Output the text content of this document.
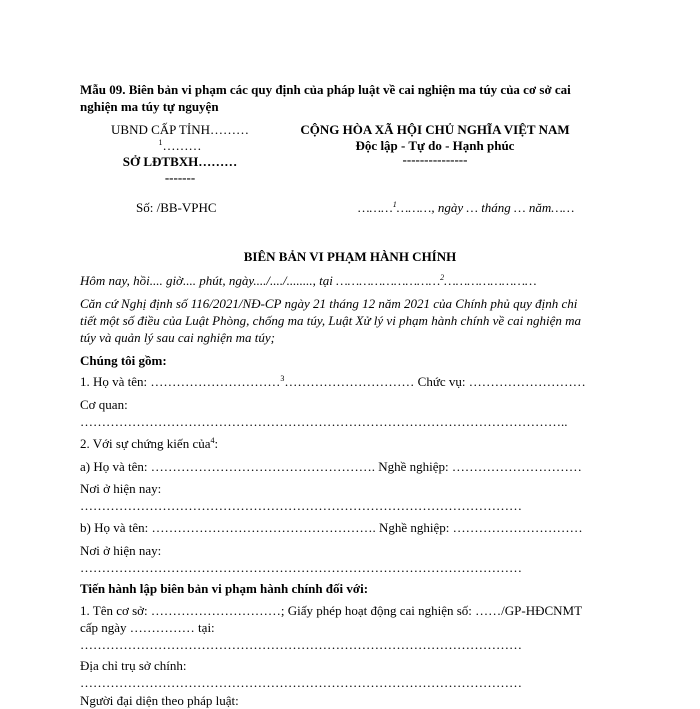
Mẫu 09. Biên bản vi phạm các quy định của pháp luật về cai nghiện ma túy của cơ sở cai
nghiện ma túy tự nguyện
UBND CẤP TỈNH………
$^1$………
SỞ LĐTBXH………
-------
CỘNG HÒA XÃ HỘI CHỦ NGHĨA VIỆT NAM
Độc lập - Tự do - Hạnh phúc
---------------
Số: /BB-VPHC	………$^1$………, ngày … tháng … năm……
BIÊN BẢN VI PHẠM HÀNH CHÍNH
Hôm nay, hồi.... giờ.... phút, ngày..../..../........, tại ………………………$^2$……………………
Căn cứ Nghị định số 116/2021/NĐ-CP ngày 21 tháng 12 năm 2021 của Chính phủ quy định chi
tiết một số điều của Luật Phòng, chống ma túy, Luật Xử lý vi phạm hành chính về cai nghiện ma
túy và quản lý sau cai nghiện ma túy;
Chúng tôi gồm:
1. Họ và tên: …………………………$^3$………………………… Chức vụ: ………………………
Cơ quan:
…………………………………………………………………………………………………..
2. Với sự chứng kiến của$^4$:
a) Họ và tên: ……………………………………………. Nghề nghiệp: …………………………
Nơi ở hiện nay:
…………………………………………………………………………………………
b) Họ và tên: ……………………………………………. Nghề nghiệp: …………………………
Nơi ở hiện nay:
…………………………………………………………………………………………
Tiến hành lập biên bản vi phạm hành chính đối với:
1. Tên cơ sở: …………………………; Giấy phép hoạt động cai nghiện số: ……/GP-HĐCNMT
cấp ngày …………… tại:
…………………………………………………………………………………………
Địa chỉ trụ sở chính:
…………………………………………………………………………………………
Người đại diện theo pháp luật:
